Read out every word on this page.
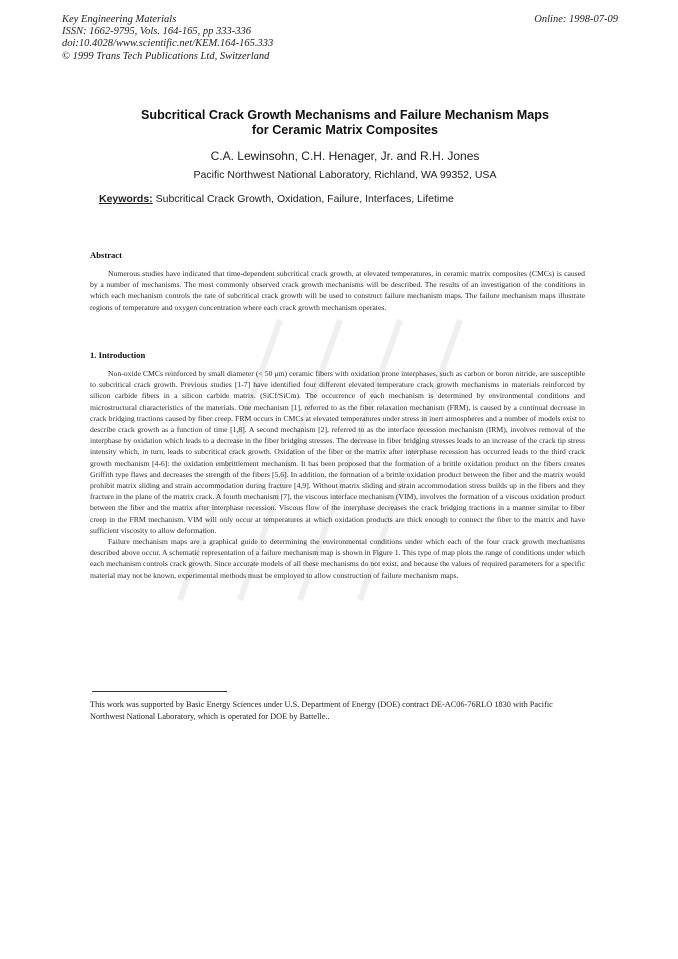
Key Engineering Materials
ISSN: 1662-9795, Vols. 164-165, pp 333-336
doi:10.4028/www.scientific.net/KEM.164-165.333
© 1999 Trans Tech Publications Ltd, Switzerland
Online: 1998-07-09
Subcritical Crack Growth Mechanisms and Failure Mechanism Maps
for Ceramic Matrix Composites
C.A. Lewinsohn, C.H. Henager, Jr. and R.H. Jones
Pacific Northwest National Laboratory, Richland, WA 99352, USA
Keywords: Subcritical Crack Growth, Oxidation, Failure, Interfaces, Lifetime
Abstract

Numerous studies have indicated that time-dependent subcritical crack growth, at elevated temperatures, in ceramic matrix composites (CMCs) is caused by a number of mechanisms. The most commonly observed crack growth mechanisms will be described. The results of an investigation of the conditions in which each mechanism controls the rate of subcritical crack growth will be used to construct failure mechanism maps. The failure mechanism maps illustrate regions of temperature and oxygen concentration where each crack growth mechanism operates.

1. Introduction

Non-oxide CMCs reinforced by small diameter (< 50 μm) ceramic fibers with oxidation prone interphases, such as carbon or boron nitride, are susceptible to subcritical crack growth. Previous studies [1-7] have identified four different elevated temperature crack growth mechanisms in materials reinforced by silicon carbide fibers in a silicon carbide matrix. (SiCf/SiCm). The occurrence of each mechanism is determined by environmental conditions and microstructural characteristics of the materials. One mechanism [1], referred to as the fiber relaxation mechanism (FRM), is caused by a continual decrease in crack bridging tractions caused by fiber creep. FRM occurs in CMCs at elevated temperatures under stress in inert atmospheres and a number of models exist to describe crack growth as a function of time [1,8]. A second mechanism [2], referred to as the interface recession mechanism (IRM), involves removal of the interphase by oxidation which leads to a decrease in the fiber bridging stresses. The decrease in fiber bridging stresses leads to an increase of the crack tip stress intensity which, in turn, leads to subcritical crack growth. Oxidation of the fiber or the matrix after interphase recession has occurred leads to the third crack growth mechanism [4-6]: the oxidation embrittlement mechanism. It has been proposed that the formation of a brittle oxidation product on the fibers creates Griffith type flaws and decreases the strength of the fibers [5,6]. In addition, the formation of a brittle oxidation product between the fiber and the matrix would prohibit matrix sliding and strain accommodation during fracture [4,9]. Without matrix sliding and strain accommodation stress builds up in the fibers and they fracture in the plane of the matrix crack. A fourth mechanism [7], the viscous interface mechanism (VIM), involves the formation of a viscous oxidation product between the fiber and the matrix after interphase recession. Viscous flow of the interphase decreases the crack bridging tractions in a manner similar to fiber creep in the FRM mechanism. VIM will only occur at temperatures at which oxidation products are thick enough to connect the fiber to the matrix and have sufficient viscosity to allow deformation.

Failure mechanism maps are a graphical guide to determining the environmental conditions under which each of the four crack growth mechanisms described above occur. A schematic representation of a failure mechanism map is shown in Figure 1. This type of map plots the range of conditions under which each mechanism controls crack growth. Since accurate models of all these mechanisms do not exist, and because the values of required parameters for a specific material may not be known, experimental methods must be employed to allow construction of failure mechanism maps.

This work was supported by Basic Energy Sciences under U.S. Department of Energy (DOE) contract DE-AC06-76RLO 1830 with Pacific Northwest National Laboratory, which is operated for DOE by Battelle..
